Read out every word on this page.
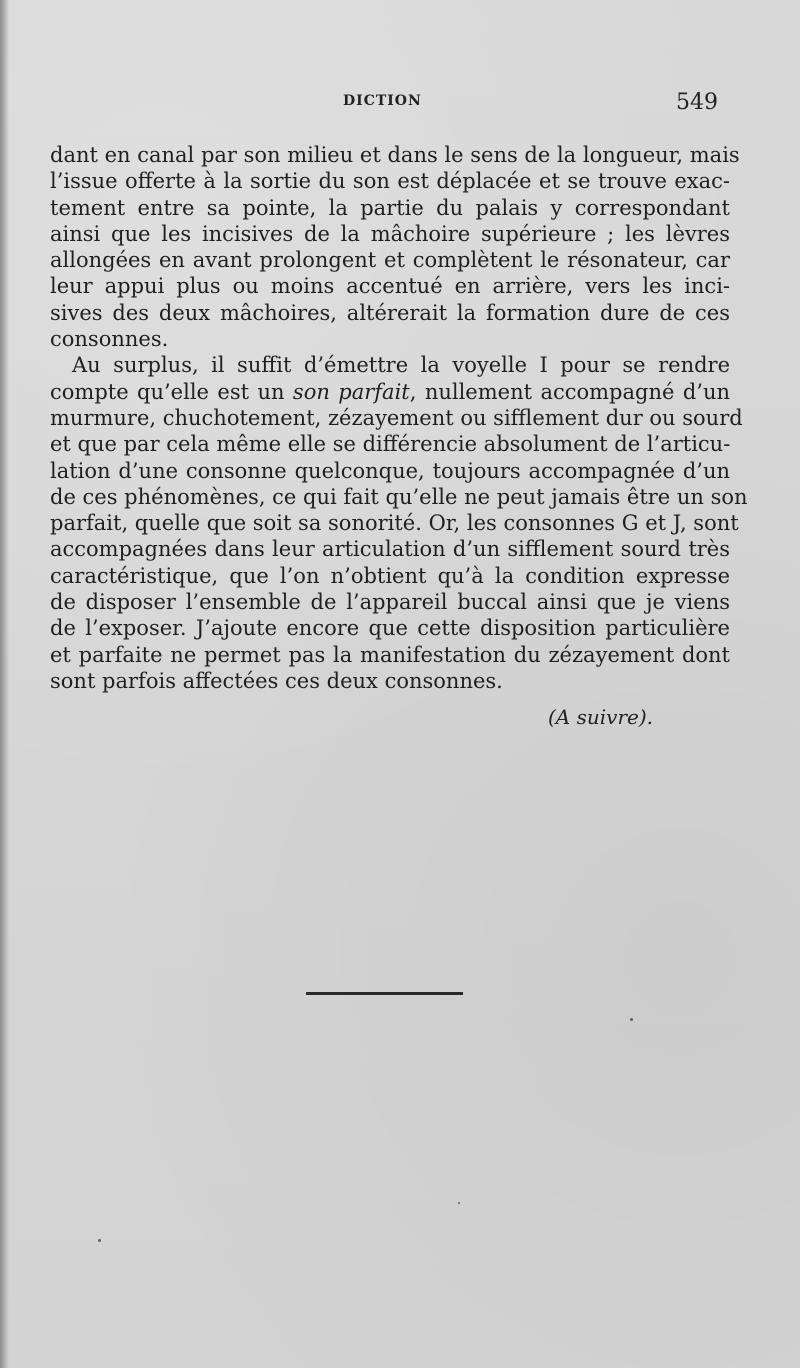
DICTION	549
dant en canal par son milieu et dans le sens de la longueur, mais
l’issue offerte à la sortie du son est déplacée et se trouve exac-
tement entre sa pointe, la partie du palais y correspondant
ainsi que les incisives de la mâchoire supérieure ; les lèvres
allongées en avant prolongent et complètent le résonateur, car
leur appui plus ou moins accentué en arrière, vers les inci-
sives des deux mâchoires, altérerait la formation dure de ces
consonnes.
Au surplus, il suffit d’émettre la voyelle I pour se rendre
compte qu’elle est un son parfait, nullement accompagné d’un
murmure, chuchotement, zézayement ou sifflement dur ou sourd
et que par cela même elle se différencie absolument de l’articu-
lation d’une consonne quelconque, toujours accompagnée d’un
de ces phénomènes, ce qui fait qu’elle ne peut jamais être un son
parfait, quelle que soit sa sonorité. Or, les consonnes G et J, sont
accompagnées dans leur articulation d’un sifflement sourd très
caractéristique, que l’on n’obtient qu’à la condition expresse
de disposer l’ensemble de l’appareil buccal ainsi que je viens
de l’exposer. J’ajoute encore que cette disposition particulière
et parfaite ne permet pas la manifestation du zézayement dont
sont parfois affectées ces deux consonnes.
(A suivre).
